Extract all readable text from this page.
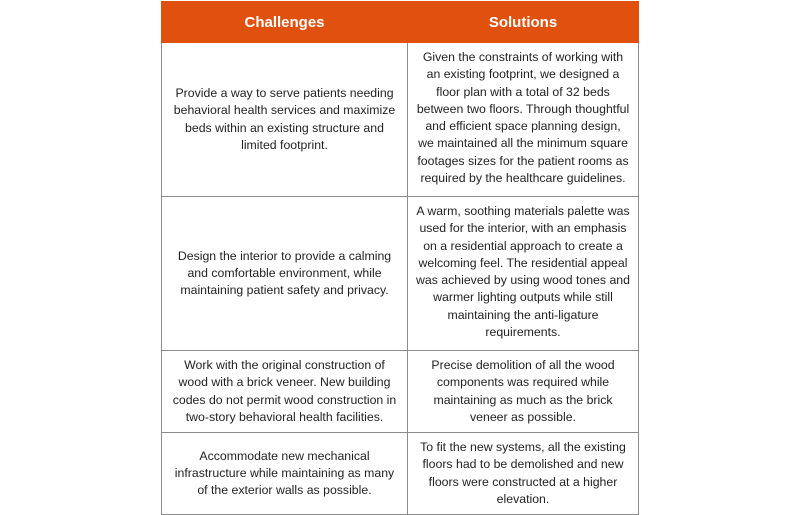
Challenges	Solutions
Provide a way to serve patients needing behavioral health services and maximize beds within an existing structure and limited footprint.	Given the constraints of working with an existing footprint, we designed a floor plan with a total of 32 beds between two floors. Through thoughtful and efficient space planning design, we maintained all the minimum square footages sizes for the patient rooms as required by the healthcare guidelines.
Design the interior to provide a calming and comfortable environment, while maintaining patient safety and privacy.	A warm, soothing materials palette was used for the interior, with an emphasis on a residential approach to create a welcoming feel. The residential appeal was achieved by using wood tones and warmer lighting outputs while still maintaining the anti-ligature requirements.
Work with the original construction of wood with a brick veneer. New building codes do not permit wood construction in two-story behavioral health facilities.	Precise demolition of all the wood components was required while maintaining as much as the brick veneer as possible.
Accommodate new mechanical infrastructure while maintaining as many of the exterior walls as possible.	To fit the new systems, all the existing floors had to be demolished and new floors were constructed at a higher elevation.
